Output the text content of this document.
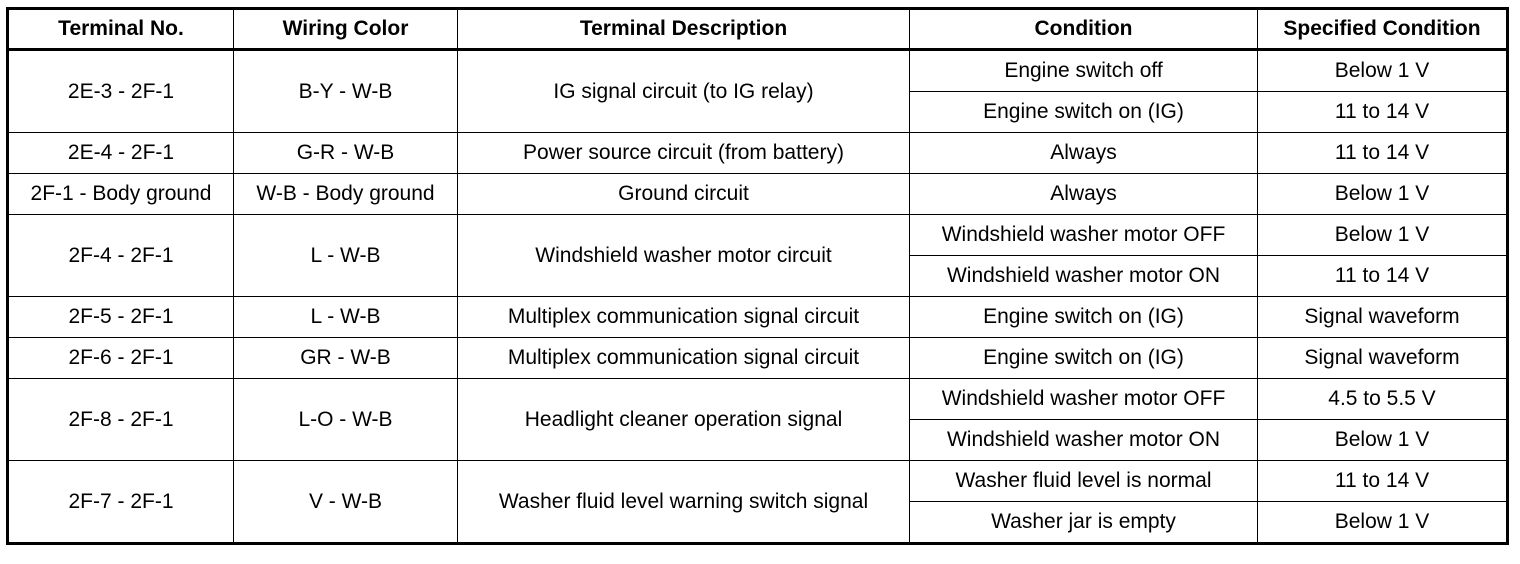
Terminal No.	Wiring Color	Terminal Description	Condition	Specified Condition
2E-3 - 2F-1	B-Y - W-B	IG signal circuit (to IG relay)	Engine switch off	Below 1 V
			Engine switch on (IG)	11 to 14 V
2E-4 - 2F-1	G-R - W-B	Power source circuit (from battery)	Always	11 to 14 V
2F-1 - Body ground	W-B - Body ground	Ground circuit	Always	Below 1 V
2F-4 - 2F-1	L - W-B	Windshield washer motor circuit	Windshield washer motor OFF	Below 1 V
			Windshield washer motor ON	11 to 14 V
2F-5 - 2F-1	L - W-B	Multiplex communication signal circuit	Engine switch on (IG)	Signal waveform
2F-6 - 2F-1	GR - W-B	Multiplex communication signal circuit	Engine switch on (IG)	Signal waveform
2F-8 - 2F-1	L-O - W-B	Headlight cleaner operation signal	Windshield washer motor OFF	4.5 to 5.5 V
			Windshield washer motor ON	Below 1 V
2F-7 - 2F-1	V - W-B	Washer fluid level warning switch signal	Washer fluid level is normal	11 to 14 V
			Washer jar is empty	Below 1 V
